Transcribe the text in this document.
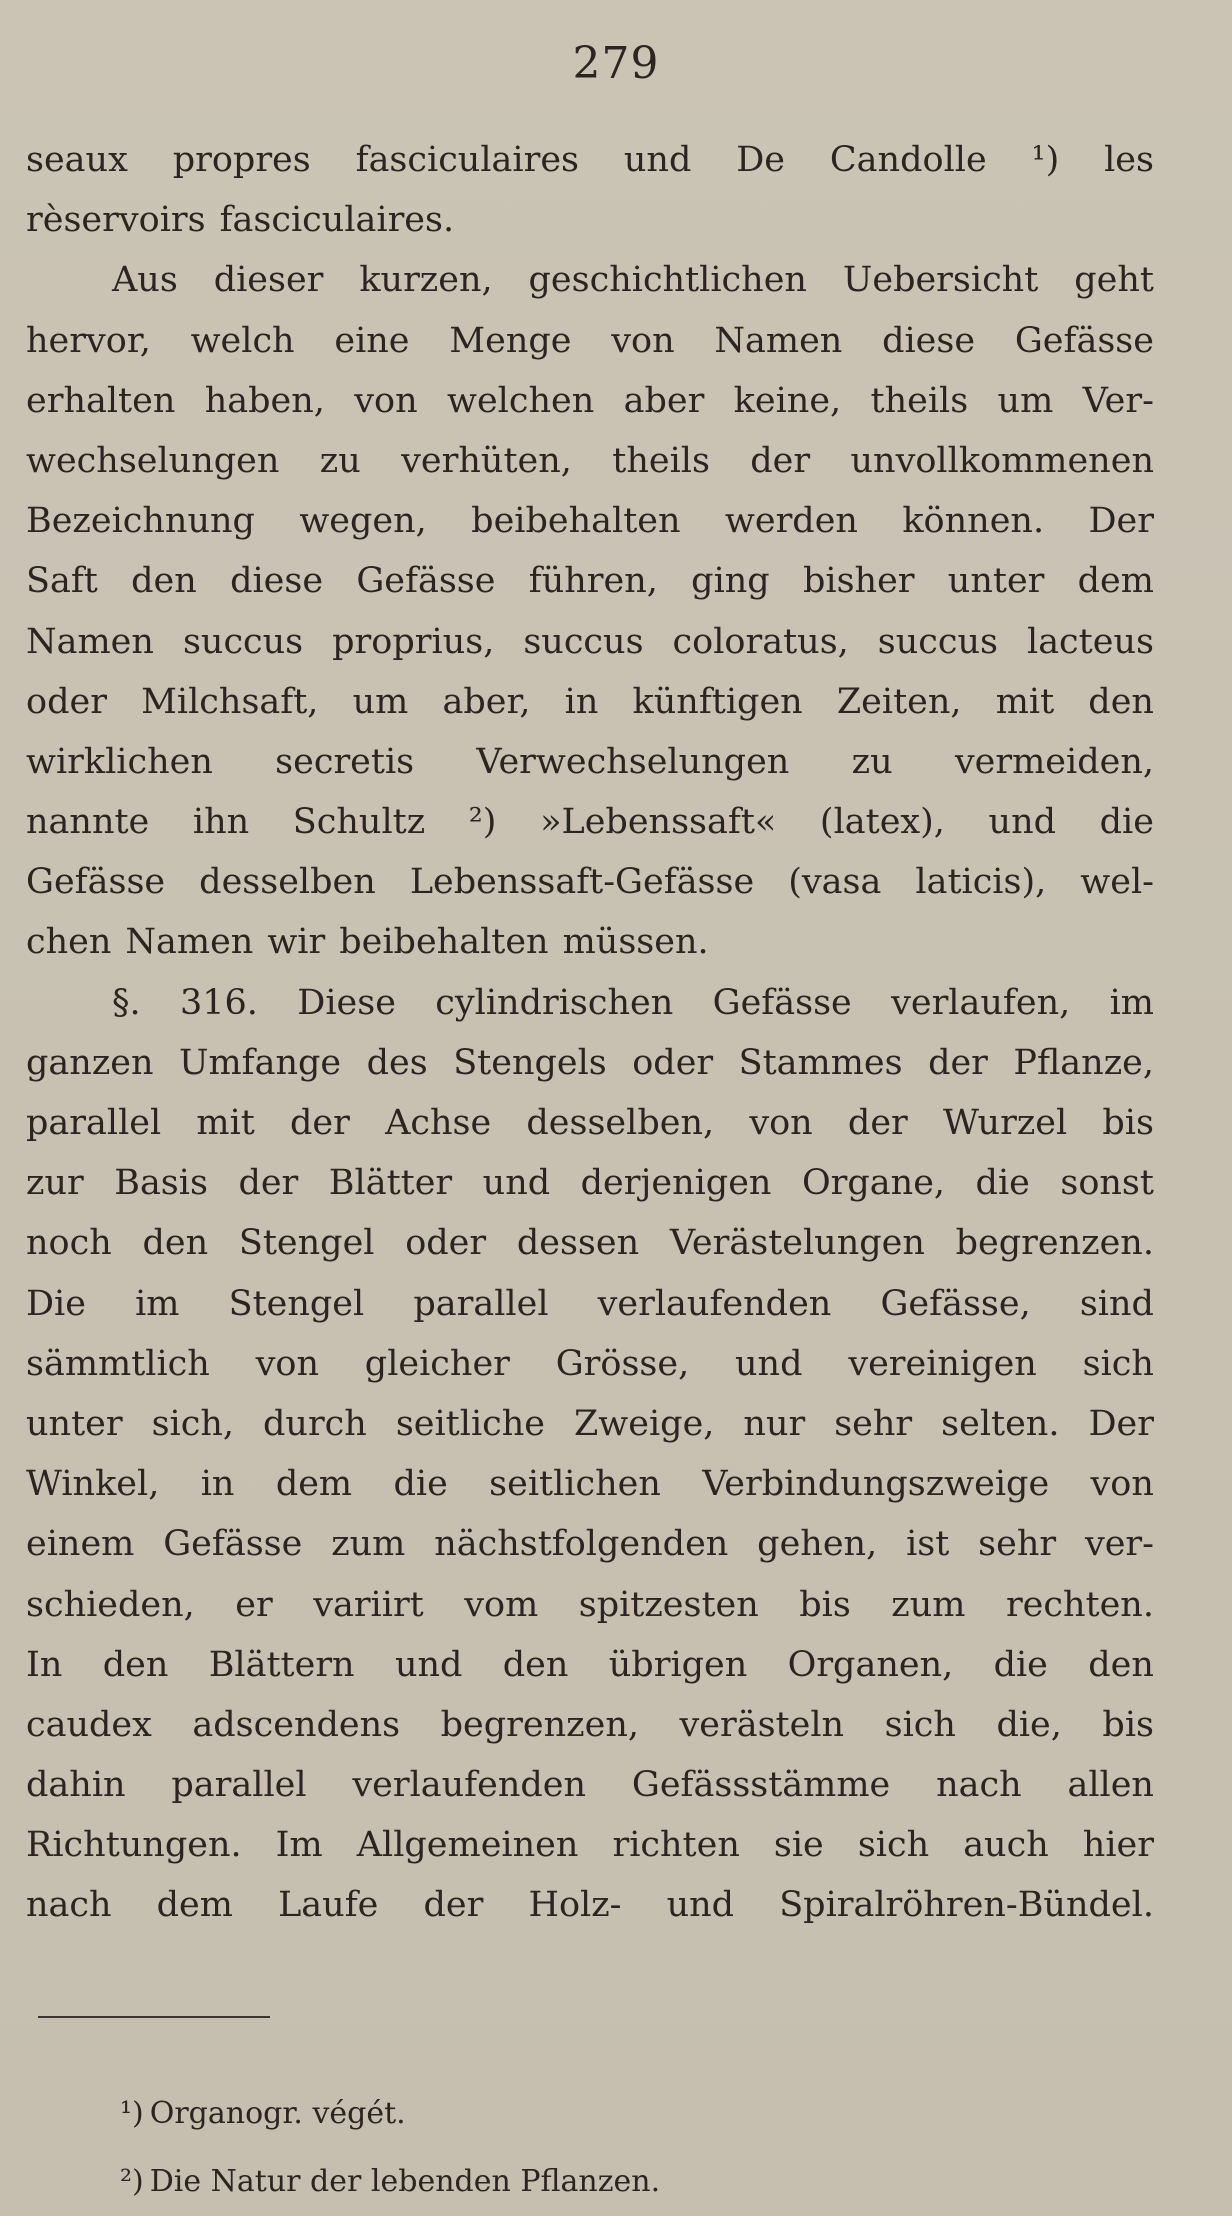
279
seaux propres fasciculaires und De Candolle ¹) les
rèservoirs fasciculaires.
Aus dieser kurzen, geschichtlichen Uebersicht geht
hervor, welch eine Menge von Namen diese Gefässe
erhalten haben, von welchen aber keine, theils um Ver-
wechselungen zu verhüten, theils der unvollkommenen
Bezeichnung wegen, beibehalten werden können. Der
Saft den diese Gefässe führen, ging bisher unter dem
Namen succus proprius, succus coloratus, succus lacteus
oder Milchsaft, um aber, in künftigen Zeiten, mit den
wirklichen secretis Verwechselungen zu vermeiden,
nannte ihn Schultz ²) »Lebenssaft« (latex), und die
Gefässe desselben Lebenssaft-Gefässe (vasa laticis), wel-
chen Namen wir beibehalten müssen.
§. 316. Diese cylindrischen Gefässe verlaufen, im
ganzen Umfange des Stengels oder Stammes der Pflanze,
parallel mit der Achse desselben, von der Wurzel bis
zur Basis der Blätter und derjenigen Organe, die sonst
noch den Stengel oder dessen Verästelungen begrenzen.
Die im Stengel parallel verlaufenden Gefässe, sind
sämmtlich von gleicher Grösse, und vereinigen sich
unter sich, durch seitliche Zweige, nur sehr selten. Der
Winkel, in dem die seitlichen Verbindungszweige von
einem Gefässe zum nächstfolgenden gehen, ist sehr ver-
schieden, er variirt vom spitzesten bis zum rechten.
In den Blättern und den übrigen Organen, die den
caudex adscendens begrenzen, verästeln sich die, bis
dahin parallel verlaufenden Gefässstämme nach allen
Richtungen. Im Allgemeinen richten sie sich auch hier
nach dem Laufe der Holz- und Spiralröhren-Bündel.
¹) Organogr. végét.
²) Die Natur der lebenden Pflanzen.
